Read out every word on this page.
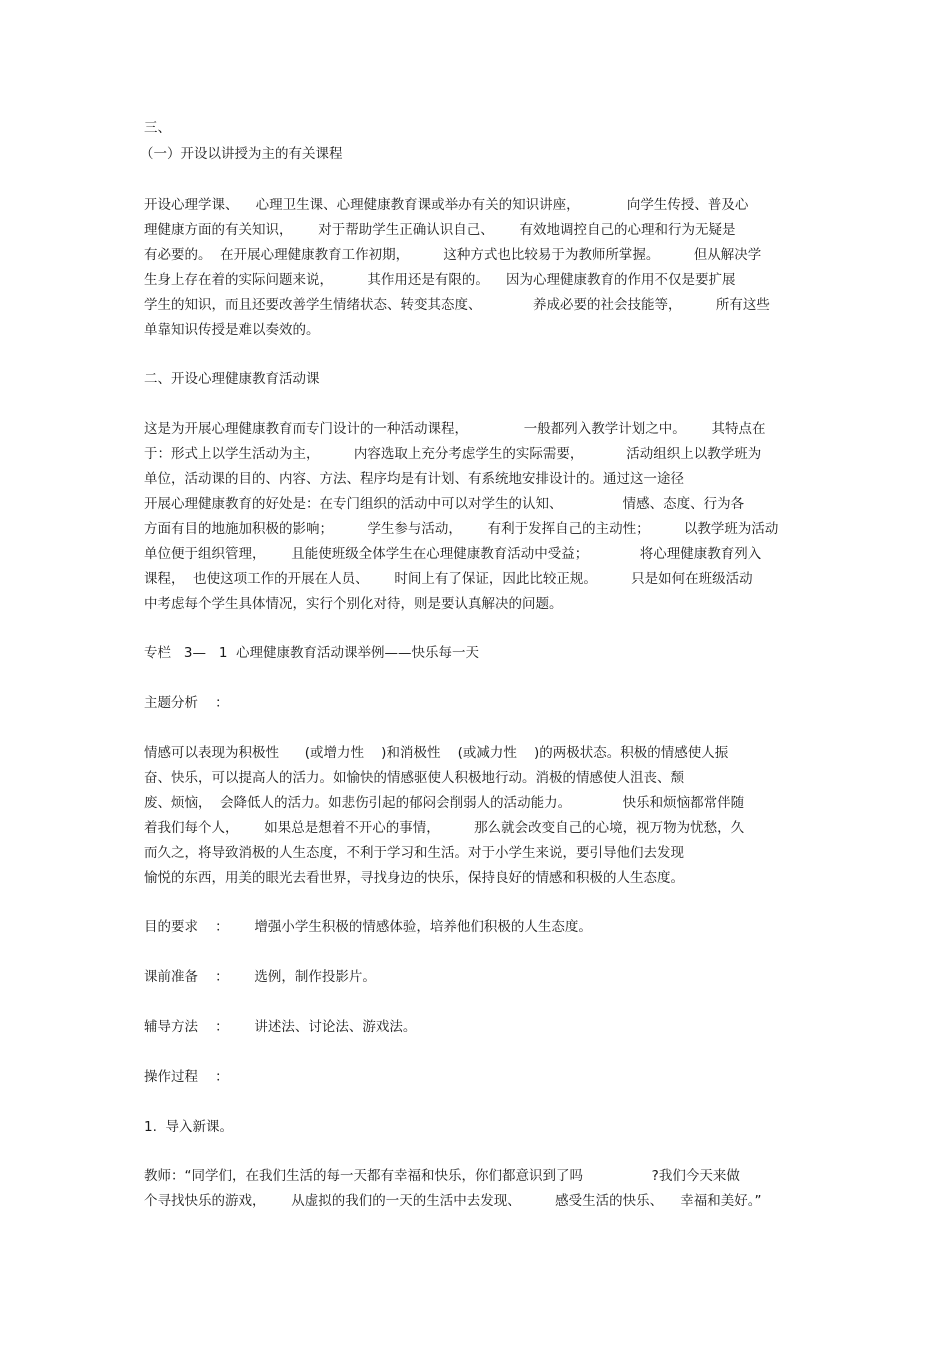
三、
（一）开设以讲授为主的有关课程
开设心理学课、    心理卫生课、心理健康教育课或举办有关的知识讲座，           向学生传授、普及心
理健康方面的有关知识，      对于帮助学生正确认识自己、      有效地调控自己的心理和行为无疑是
有必要的。  在开展心理健康教育工作初期，        这种方式也比较易于为教师所掌握。        但从解决学
生身上存在着的实际问题来说，        其作用还是有限的。    因为心理健康教育的作用不仅是要扩展
学生的知识，而且还要改善学生情绪状态、转变其态度、            养成必要的社会技能等，        所有这些
单靠知识传授是难以奏效的。
二、开设心理健康教育活动课
这是为开展心理健康教育而专门设计的一种活动课程，             一般都列入教学计划之中。      其特点在
于：形式上以学生活动为主，        内容选取上充分考虑学生的实际需要，          活动组织上以教学班为
单位，活动课的目的、内容、方法、程序均是有计划、有系统地安排设计的。通过这一途径
开展心理健康教育的好处是：在专门组织的活动中可以对学生的认知、              情感、态度、行为各
方面有目的地施加积极的影响；        学生参与活动，      有利于发挥自己的主动性；        以教学班为活动
单位便于组织管理，      且能使班级全体学生在心理健康教育活动中受益；            将心理健康教育列入
课程，  也使这项工作的开展在人员、      时间上有了保证，因此比较正规。        只是如何在班级活动
中考虑每个学生具体情况，实行个别化对待，则是要认真解决的问题。
专栏   3—   1  心理健康教育活动课举例——快乐每一天
主题分析    ：
情感可以表现为积极性      (或增力性    )和消极性    (或减力性    )的两极状态。积极的情感使人振
奋、快乐，可以提高人的活力。如愉快的情感驱使人积极地行动。消极的情感使人沮丧、颓
废、烦恼，  会降低人的活力。如悲伤引起的郁闷会削弱人的活动能力。            快乐和烦恼都常伴随
着我们每个人，      如果总是想着不开心的事情，        那么就会改变自己的心境，视万物为忧愁，久
而久之，将导致消极的人生态度，不利于学习和生活。对于小学生来说，要引导他们去发现
愉悦的东西，用美的眼光去看世界，寻找身边的快乐，保持良好的情感和积极的人生态度。
目的要求    ：      增强小学生积极的情感体验，培养他们积极的人生态度。
课前准备    ：      选例，制作投影片。
辅导方法    ：      讲述法、讨论法、游戏法。
操作过程    ：
1.  导入新课。
教师：“同学们，在我们生活的每一天都有幸福和快乐，你们都意识到了吗                ?我们今天来做
个寻找快乐的游戏，      从虚拟的我们的一天的生活中去发现、        感受生活的快乐、    幸福和美好。”
